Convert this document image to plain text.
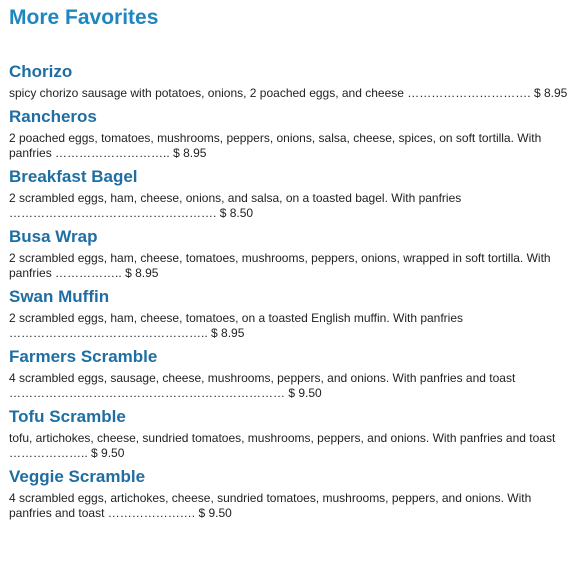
More Favorites
Chorizo

spicy chorizo sausage with potatoes, onions, 2 poached eggs, and cheese …………………………. $ 8.95

Rancheros

2 poached eggs, tomatoes, mushrooms, peppers, onions, salsa, cheese, spices, on soft tortilla. With panfries ……………………….. $ 8.95

Breakfast Bagel

2 scrambled eggs, ham, cheese, onions, and salsa, on a toasted bagel. With panfries ……………………………………………. $ 8.50

Busa Wrap

2 scrambled eggs, ham, cheese, tomatoes, mushrooms, peppers, onions, wrapped in soft tortilla. With panfries …………….. $ 8.95

Swan Muffin

2 scrambled eggs, ham, cheese, tomatoes, on a toasted English muffin. With panfries ………………………………………….. $ 8.95

Farmers Scramble

4 scrambled eggs, sausage, cheese, mushrooms, peppers, and onions. With panfries and toast …………………………………………………………… $ 9.50

Tofu Scramble

tofu, artichokes, cheese, sundried tomatoes, mushrooms, peppers, and onions. With panfries and toast ……………….. $ 9.50

Veggie Scramble

4 scrambled eggs, artichokes, cheese, sundried tomatoes, mushrooms, peppers, and onions. With panfries and toast …………………. $ 9.50
